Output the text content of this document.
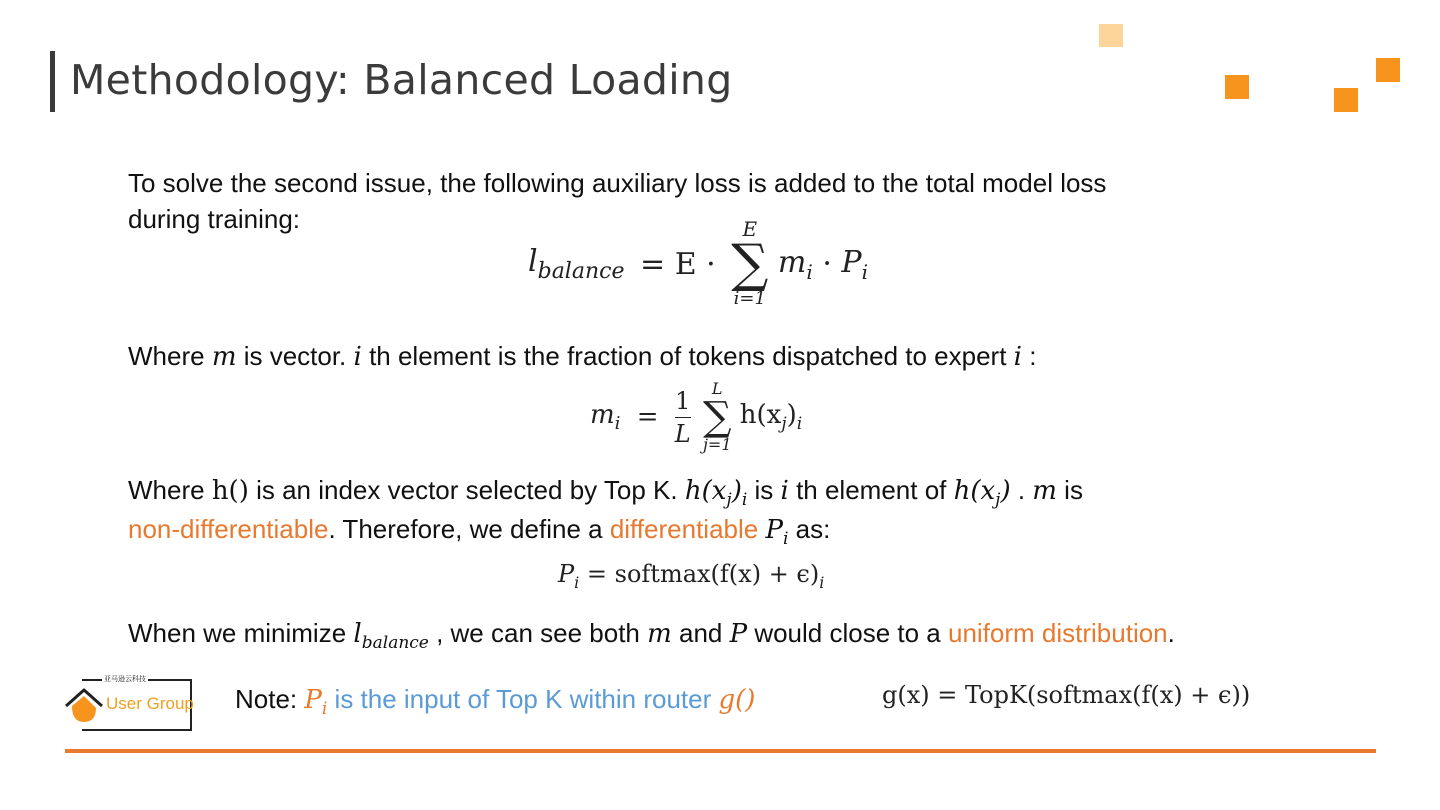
Methodology: Balanced Loading
To solve the second issue, the following auxiliary loss is added to the total model loss
during training:
$l_{balance} = E$ ·
E
∑
i=1
$m_i \cdot P_i$
Where m is vector. i th element is the fraction of tokens dispatched to expert i :
$m_i = \frac{1}{L}$
L
∑
j=1
$h(x_j)_i$
Where h() is an index vector selected by Top K. $h(x_j)_i$ is i th element of $h(x_j)$ . m is
non-differentiable. Therefore, we define a differentiable $P_i$ as:
$P_i$ = softmax(f(x) + $\epsilon)_i$
When we minimize $l_{balance}$ , we can see both m and P would close to a uniform distribution.
亚马逊云科技
User Group Note: $P_i$ is the input of Top K within router g()	g(x) = TopK(softmax(f(x) + ϵ))
